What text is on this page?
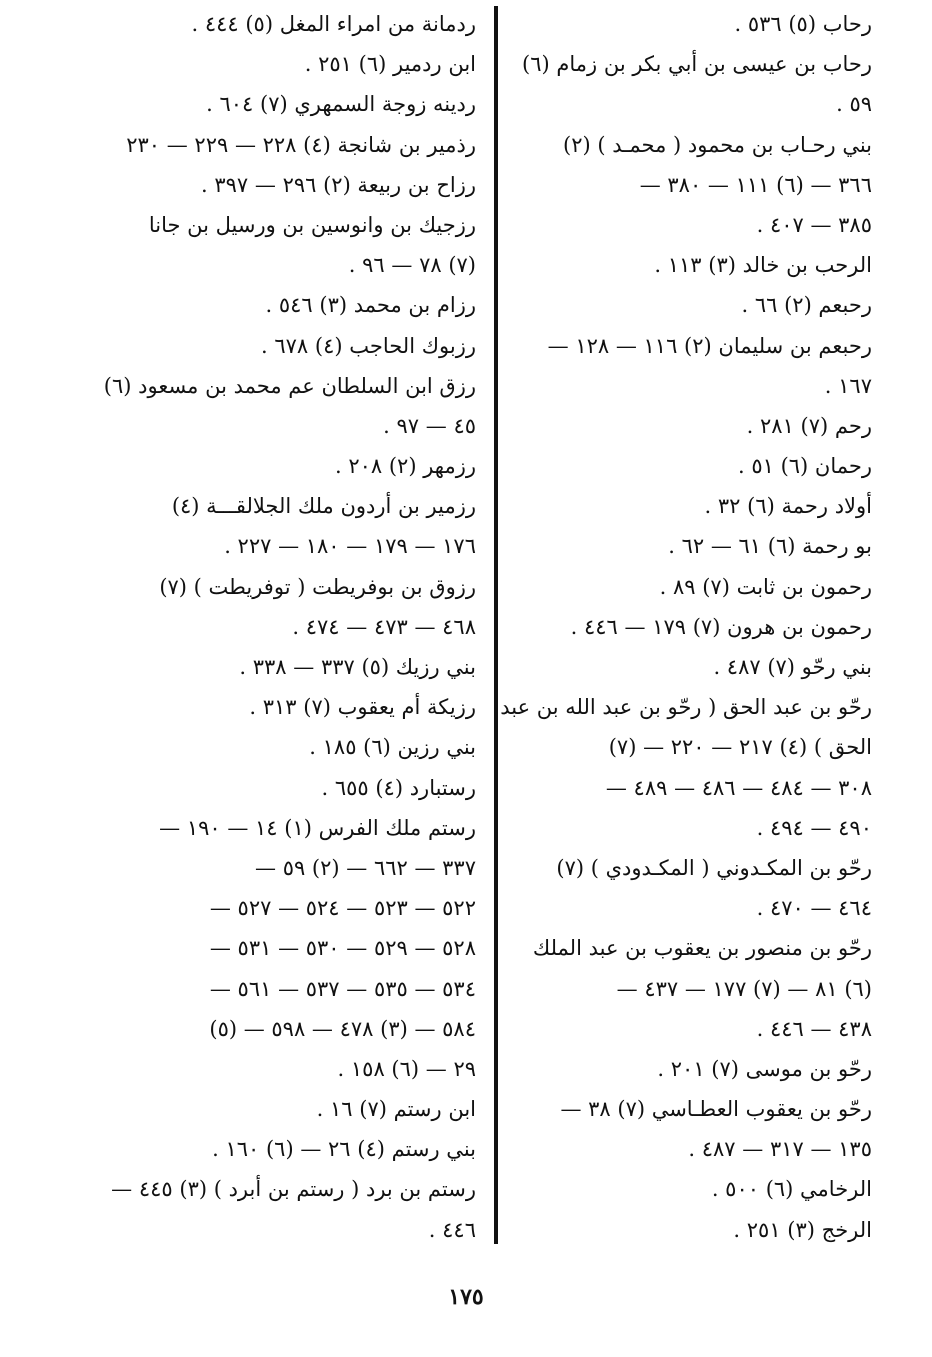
رحاب (٥) ٥٣٦ .
رحاب بن عيسى بن أبي بكر بن زمام (٦)
٥٩ .
بني رحـاب بن محمود ( محمـد ) (٢)
٣٦٦ — (٦) ١١١ — ٣٨٠ —
٣٨٥ — ٤٠٧ .
الرحب بن خالد (٣) ١١٣ .
رحبعم (٢) ٦٦ .
رحبعم بن سليمان (٢) ١١٦ — ١٢٨ —
١٦٧ .
رحم (٧) ٢٨١ .
رحمان (٦) ٥١ .
أولاد رحمة (٦) ٣٢ .
بو رحمة (٦) ٦١ — ٦٢ .
رحمون بن ثابت (٧) ٨٩ .
رحمون بن هرون (٧) ١٧٩ — ٤٤٦ .
بني رحّو (٧) ٤٨٧ .
رحّو بن عبد الحق ( رحّو بن عبد الله بن عبد
الحق ) (٤) ٢١٧ — ٢٢٠ — (٧)
٣٠٨ — ٤٨٤ — ٤٨٦ — ٤٨٩ —
٤٩٠ — ٤٩٤ .
رحّو بن المكـدوني ( المكـدودي ) (٧)
٤٦٤ — ٤٧٠ .
رحّو بن منصور بن يعقوب بن عبد الملك
(٦) ٨١ — (٧) ١٧٧ — ٤٣٧ —
٤٣٨ — ٤٤٦ .
رحّو بن موسى (٧) ٢٠١ .
رحّو بن يعقوب العطـاسي (٧) ٣٨ —
١٣٥ — ٣١٧ — ٤٨٧ .
الرخامي (٦) ٥٠٠ .
الرخج (٣) ٢٥١ .
ردمانة من امراء المغل (٥) ٤٤٤ .
ابن ردمير (٦) ٢٥١ .
ردينه زوجة السمهري (٧) ٦٠٤ .
رذمير بن شانجة (٤) ٢٢٨ — ٢٢٩ — ٢٣٠
رزاح بن ربيعة (٢) ٢٩٦ — ٣٩٧ .
رزجيك بن وانوسين بن ورسيل بن جانا
(٧) ٧٨ — ٩٦ .
رزام بن محمد (٣) ٥٤٦ .
رزبوك الحاجب (٤) ٦٧٨ .
رزق ابن السلطان عم محمد بن مسعود (٦)
٤٥ — ٩٧ .
رزمهر (٢) ٢٠٨ .
رزمير بن أردون ملك الجلالقـــة (٤)
١٧٦ — ١٧٩ — ١٨٠ — ٢٢٧ .
رزوق بن بوفريطت ( توفريطت ) (٧)
٤٦٨ — ٤٧٣ — ٤٧٤ .
بني رزيك (٥) ٣٣٧ — ٣٣٨ .
رزيكة أم يعقوب (٧) ٣١٣ .
بني رزين (٦) ١٨٥ .
رستبارد (٤) ٦٥٥ .
رستم ملك الفرس (١) ١٤ — ١٩٠ —
٣٣٧ — ٦٦٢ — (٢) ٥٩ —
٥٢٢ — ٥٢٣ — ٥٢٤ — ٥٢٧ —
٥٢٨ — ٥٢٩ — ٥٣٠ — ٥٣١ —
٥٣٤ — ٥٣٥ — ٥٣٧ — ٥٦١ —
٥٨٤ — (٣) ٤٧٨ — ٥٩٨ — (٥)
٢٩ — (٦) ١٥٨ .
ابن رستم (٧) ١٦ .
بني رستم (٤) ٢٦ — (٦) ١٦٠ .
رستم بن برد ( رستم بن أبرد ) (٣) ٤٤٥ —
٤٤٦ .
١٧٥
